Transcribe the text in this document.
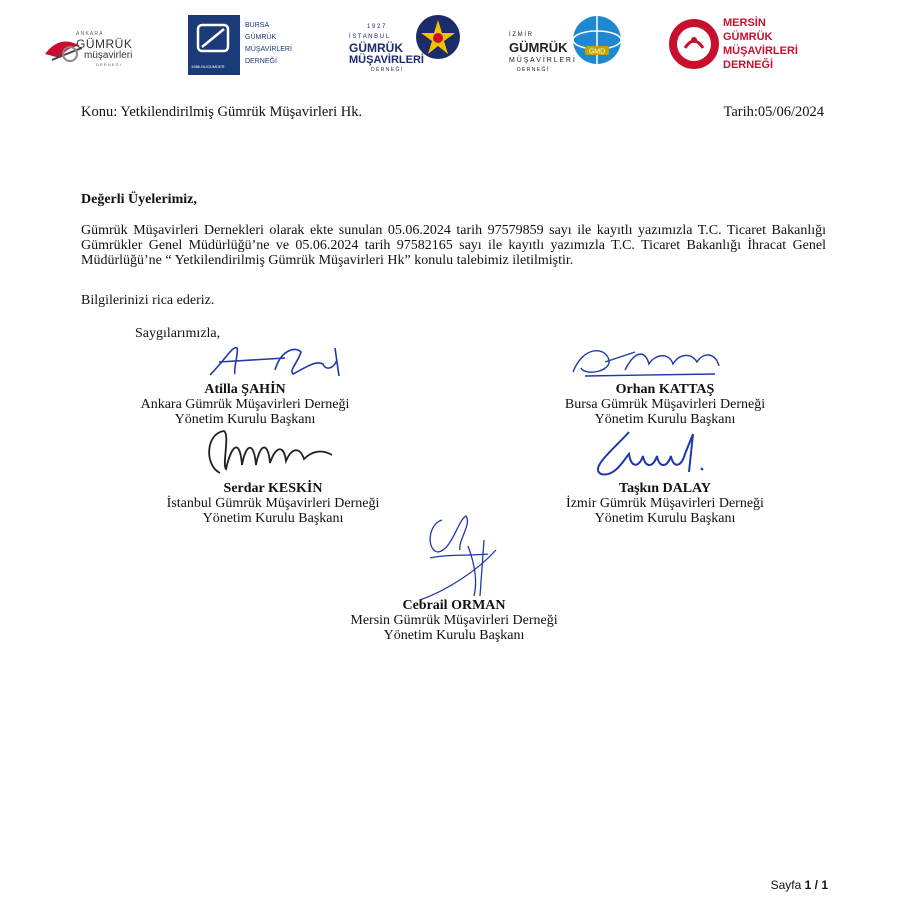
A N K A R A
GÜMRÜK
müşavirleri
D E R N E Ğ İ	1986-BUGÜMDER
BURSA
GÜMRÜK
MÜŞAVİRLERİ
DERNEĞİ
1 9 2 7
İ S T A N B U L
GÜMRÜK
MÜŞAVİRLERİ
D E R N E Ğ İ
GMD
İ Z M İ R
GÜMRÜK
M Ü Ş A V İ R L E R İ
D E R N E Ğ İ
MERSİN
GÜMRÜK
MÜŞAVİRLERİ
DERNEĞİ
Konu: Yetkilendirilmiş Gümrük Müşavirleri Hk.	Tarih:05/06/2024
Değerli Üyelerimiz,

Gümrük Müşavirleri Dernekleri olarak ekte sunulan 05.06.2024 tarih 97579859 sayı ile kayıtlı yazımızla T.C. Ticaret Bakanlığı Gümrükler Genel Müdürlüğü’ne ve 05.06.2024 tarih 97582165 sayı ile kayıtlı yazımızla T.C. Ticaret Bakanlığı İhracat Genel Müdürlüğü’ne “ Yetkilendirilmiş Gümrük Müşavirleri Hk” konulu talebimiz iletilmiştir.

Bilgilerinizi rica ederiz.
Saygılarımızla,
Atilla ŞAHİN
Ankara Gümrük Müşavirleri Derneği
Yönetim Kurulu Başkanı
Orhan KATTAŞ
Bursa Gümrük Müşavirleri Derneği
Yönetim Kurulu Başkanı
Serdar KESKİN
İstanbul Gümrük Müşavirleri Derneği
Yönetim Kurulu Başkanı
Taşkın DALAY
İzmir Gümrük Müşavirleri Derneği
Yönetim Kurulu Başkanı
Cebrail ORMAN
Mersin Gümrük Müşavirleri Derneği
Yönetim Kurulu Başkanı
Sayfa 1 / 1
